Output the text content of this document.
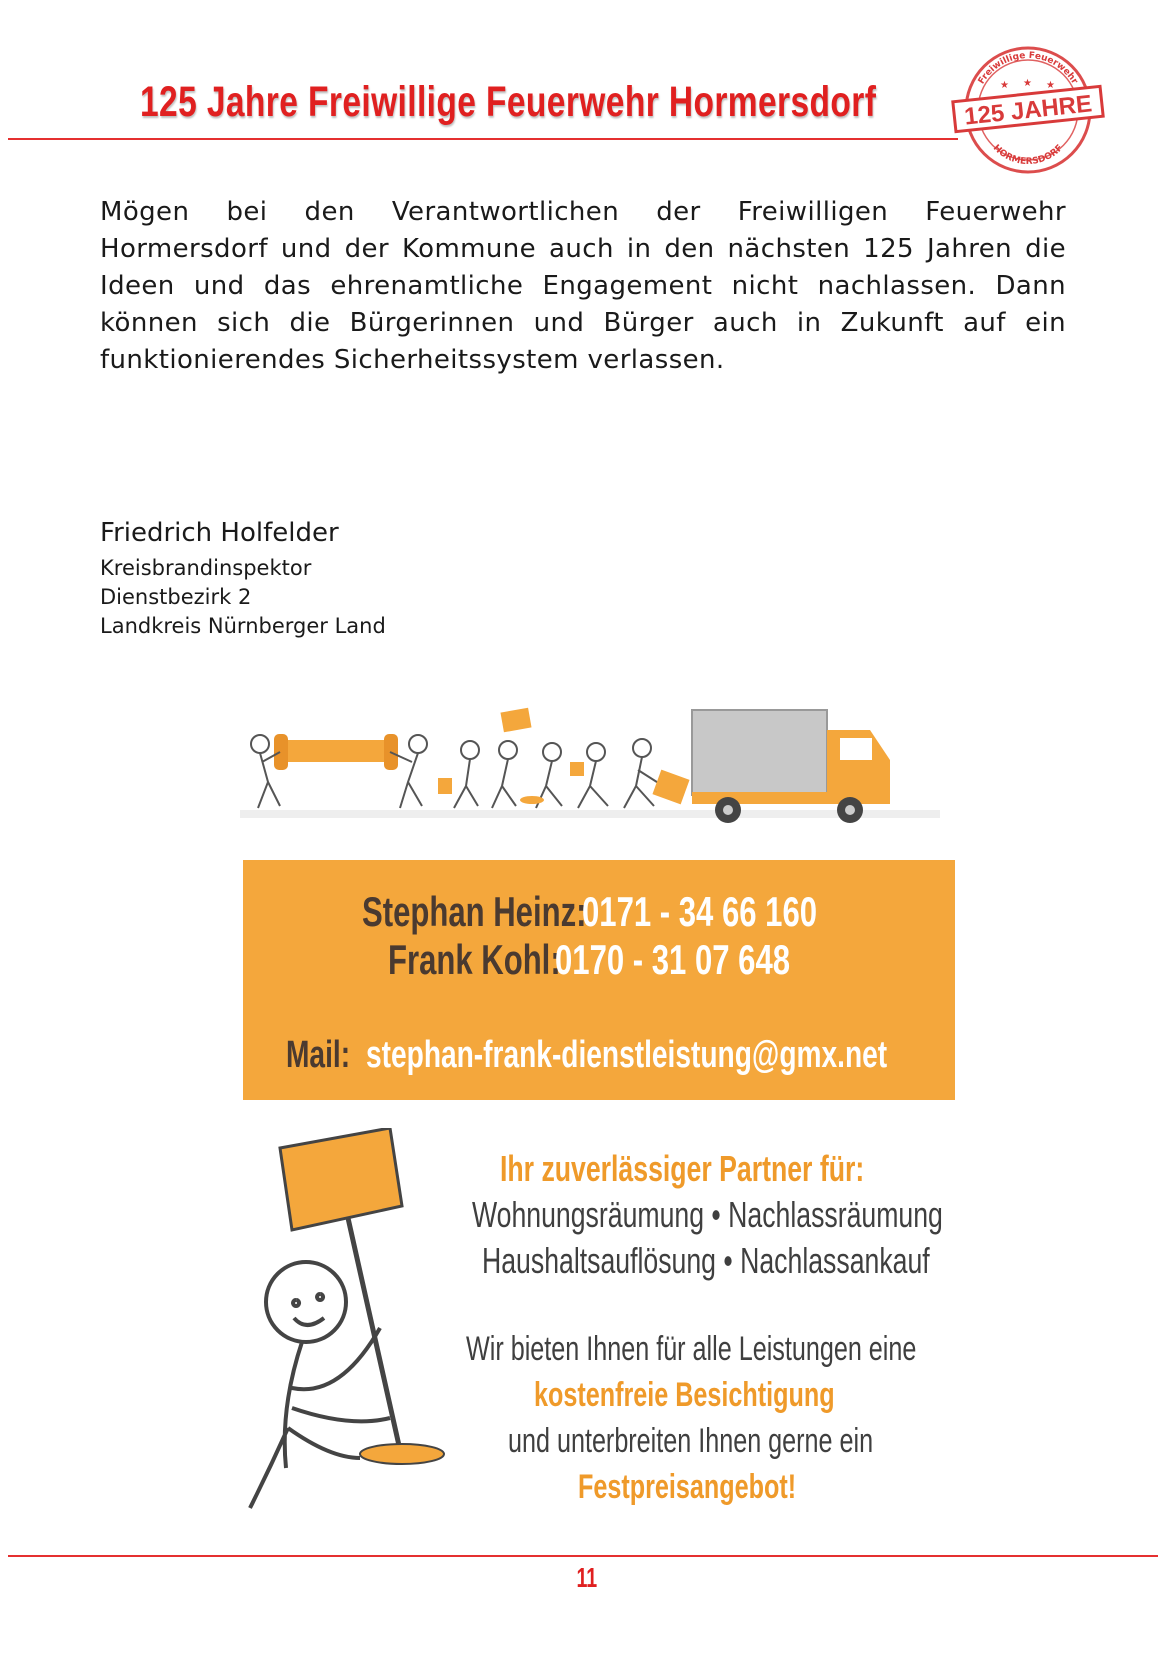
125 Jahre Freiwillige Feuerwehr Hormersdorf	Freiwillige Feuerwehr
125 JAHRE
HORMERSDORF
★ ★ ★

Mögen bei den Verantwortlichen der Freiwilligen Feuerwehr Hormersdorf und der Kommune auch in den nächsten 125 Jahren die Ideen und das ehrenamtliche Engagement nicht nachlassen. Dann können sich die Bürgerinnen und Bürger auch in Zukunft auf ein funktionierendes Sicherheitssystem verlassen.

Friedrich Holfelder
Kreisbrandinspektor
Dienstbezirk 2
Landkreis Nürnberger Land
Stephan Heinz:
0171 - 34 66 160
Frank Kohl:
0170 - 31 07 648
Mail: stephan-frank-dienstleistung@gmx.net
Ihr zuverlässiger Partner für:
Wohnungsräumung • Nachlassräumung
Haushaltsauflösung • Nachlassankauf
Wir bieten Ihnen für alle Leistungen eine
kostenfreie Besichtigung
und unterbreiten Ihnen gerne ein
Festpreisangebot!
11
